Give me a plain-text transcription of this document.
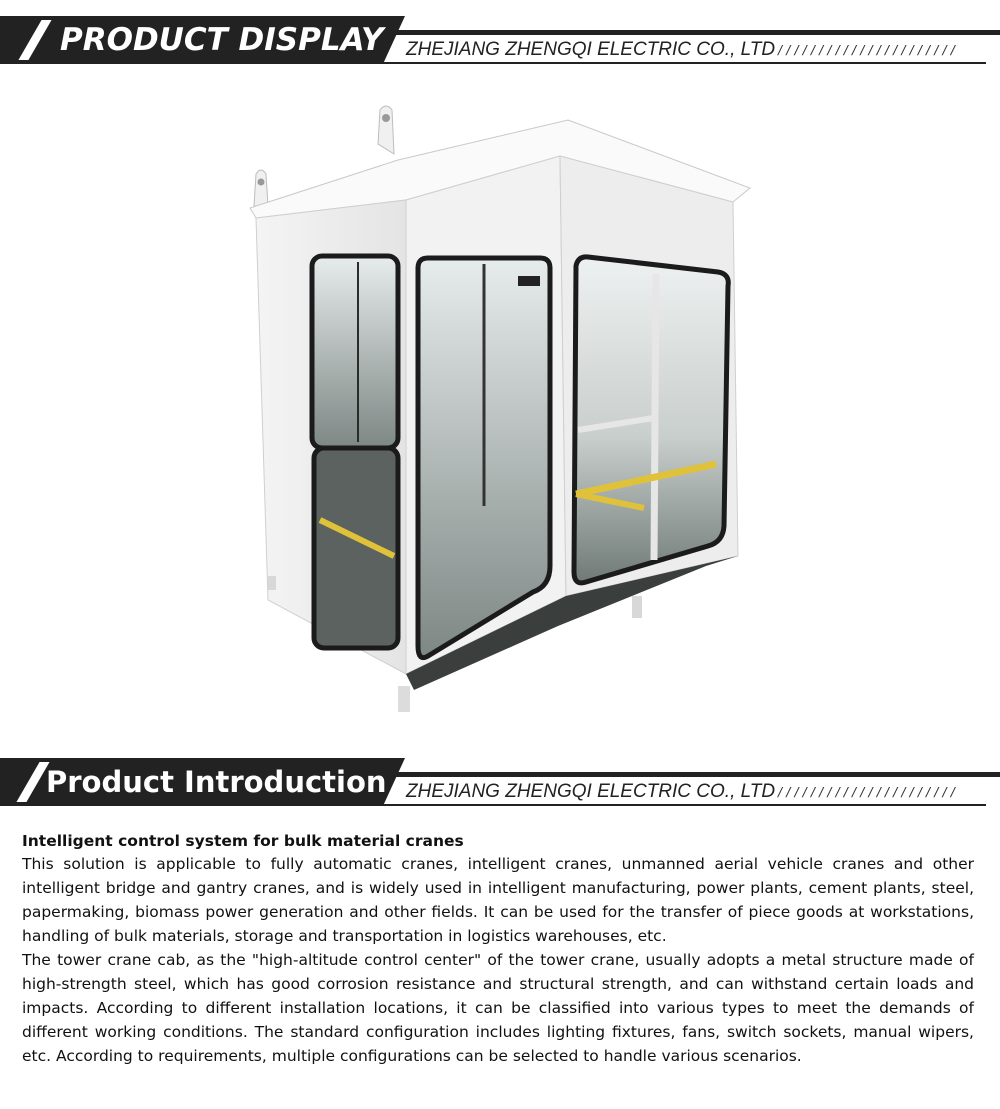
PRODUCT DISPLAY ZHEJIANG ZHENGQI ELECTRIC CO., LTD //////////////////////
Product Introduction ZHEJIANG ZHENGQI ELECTRIC CO., LTD //////////////////////
Intelligent control system for bulk material cranes

This solution is applicable to fully automatic cranes, intelligent cranes, unmanned aerial vehicle cranes and other intelligent bridge and gantry cranes, and is widely used in intelligent manufacturing, power plants, cement plants, steel, papermaking, biomass power generation and other fields. It can be used for the transfer of piece goods at workstations, handling of bulk materials, storage and transportation in logistics warehouses, etc.

The tower crane cab, as the "high-altitude control center" of the tower crane, usually adopts a metal structure made of high-strength steel, which has good corrosion resistance and structural strength, and can withstand certain loads and impacts. According to different installation locations, it can be classified into various types to meet the demands of different working conditions. The standard configuration includes lighting fixtures, fans, switch sockets, manual wipers, etc. According to requirements, multiple configurations can be selected to handle various scenarios.
